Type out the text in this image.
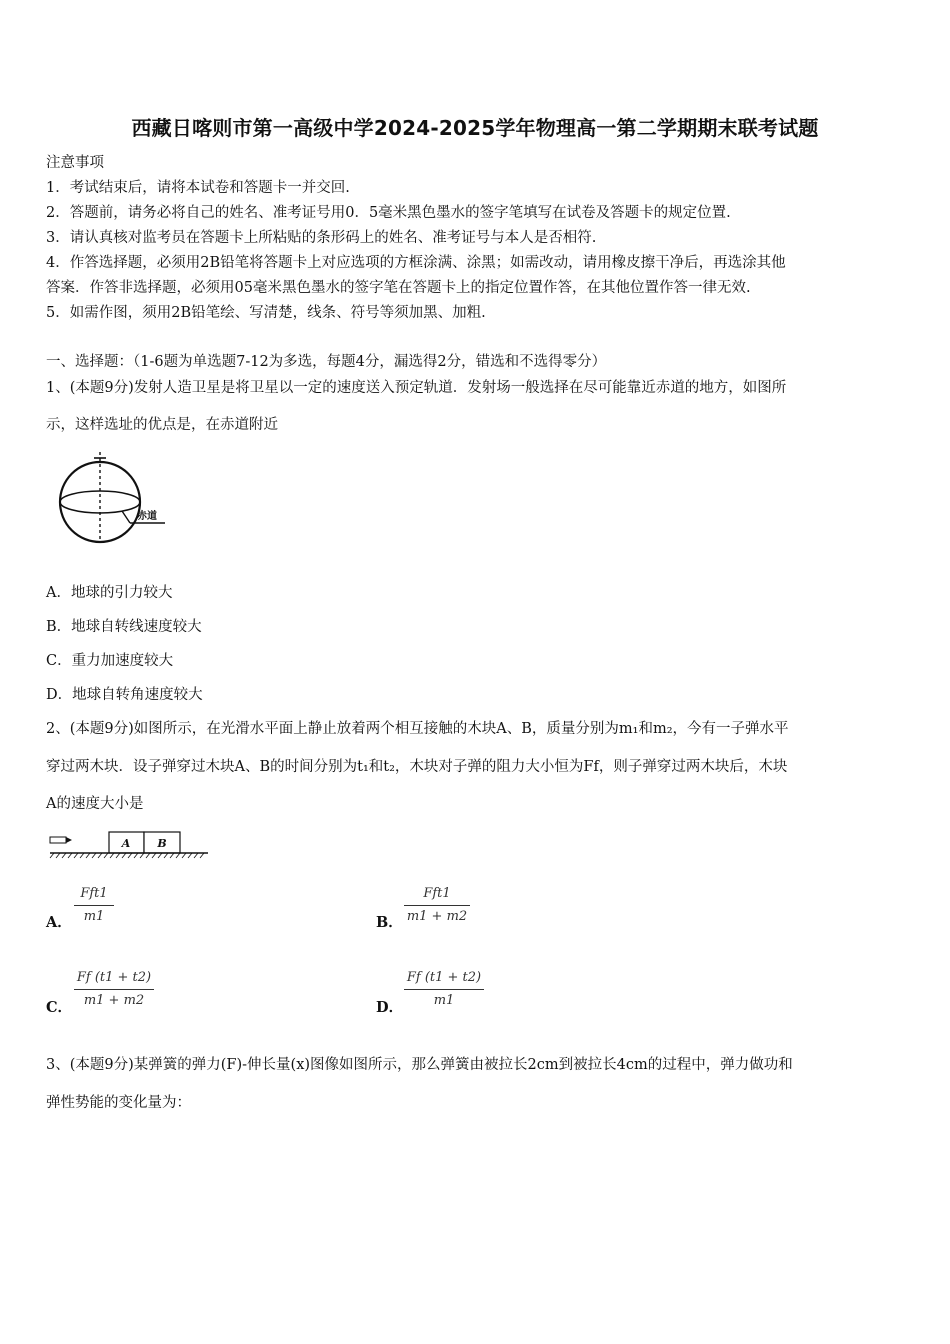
西藏日喀则市第一高级中学2024-2025学年物理高一第二学期期末联考试题
注意事项
1．考试结束后，请将本试卷和答题卡一并交回.
2．答题前，请务必将自己的姓名、准考证号用0．5毫米黑色墨水的签字笔填写在试卷及答题卡的规定位置.
3．请认真核对监考员在答题卡上所粘贴的条形码上的姓名、准考证号与本人是否相符.
4．作答选择题，必须用2B铅笔将答题卡上对应选项的方框涂满、涂黑；如需改动，请用橡皮擦干净后，再选涂其他
答案．作答非选择题，必须用05毫米黑色墨水的签字笔在答题卡上的指定位置作答，在其他位置作答一律无效.
5．如需作图，须用2B铅笔绘、写清楚，线条、符号等须加黑、加粗.
一、选择题：（1-6题为单选题7-12为多选，每题4分，漏选得2分，错选和不选得零分）
1、(本题9分)发射人造卫星是将卫星以一定的速度送入预定轨道．发射场一般选择在尽可能靠近赤道的地方，如图所
示，这样选址的优点是，在赤道附近
赤道
A．地球的引力较大
B．地球自转线速度较大
C．重力加速度较大
D．地球自转角速度较大
2、(本题9分)如图所示，在光滑水平面上静止放着两个相互接触的木块A、B，质量分别为m₁和m₂，今有一子弹水平
穿过两木块．设子弹穿过木块A、B的时间分别为t₁和t₂，木块对子弹的阻力大小恒为Ff，则子弹穿过两木块后，木块
A的速度大小是
A B
A．
Fft1
m1	B．
Fft1
m1 + m2
C．
Ff (t1 + t2)
m1 + m2	D．
Ff (t1 + t2)
m1
3、(本题9分)某弹簧的弹力(F)-伸长量(x)图像如图所示，那么弹簧由被拉长2cm到被拉长4cm的过程中，弹力做功和
弹性势能的变化量为：
